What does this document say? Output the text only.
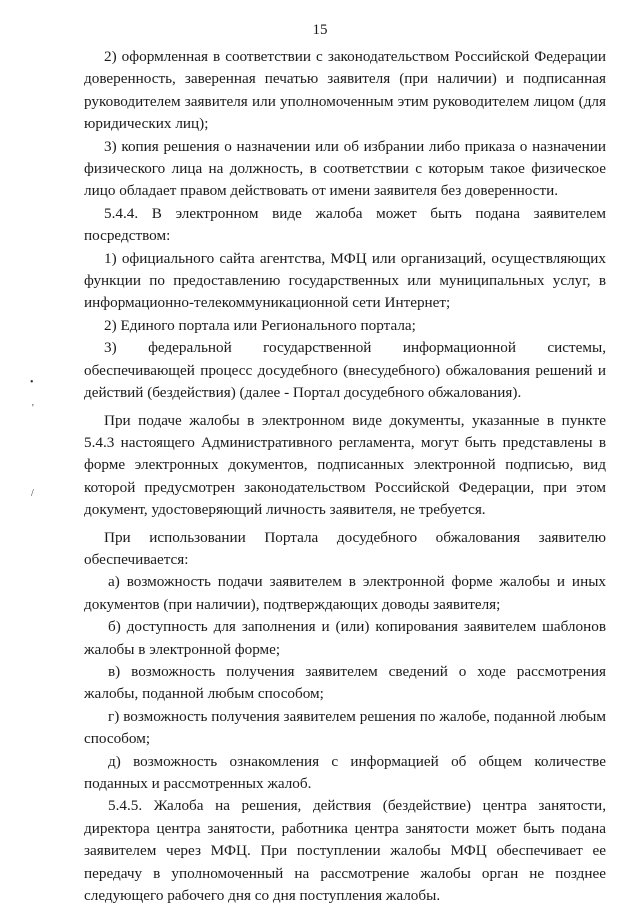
15
•
'
/

2) оформленная в соответствии с законодательством Российской Федерации доверенность, заверенная печатью заявителя (при наличии) и подписанная руководителем заявителя или уполномоченным этим руководителем лицом (для юридических лиц);

3) копия решения о назначении или об избрании либо приказа о назначении физического лица на должность, в соответствии с которым такое физическое лицо обладает правом действовать от имени заявителя без доверенности.

5.4.4. В электронном виде жалоба может быть подана заявителем посредством:

1) официального сайта агентства, МФЦ или организаций, осуществляющих функции по предоставлению государственных или муниципальных услуг, в информационно-телекоммуникационной сети Интернет;

2) Единого портала или Регионального портала;

3) федеральной государственной информационной системы, обеспечивающей процесс досудебного (внесудебного) обжалования решений и действий (бездействия) (далее - Портал досудебного обжалования).

При подаче жалобы в электронном виде документы, указанные в пункте 5.4.3 настоящего Административного регламента, могут быть представлены в форме электронных документов, подписанных электронной подписью, вид которой предусмотрен законодательством Российской Федерации, при этом документ, удостоверяющий личность заявителя, не требуется.

При использовании Портала досудебного обжалования заявителю обеспечивается:

а) возможность подачи заявителем в электронной форме жалобы и иных документов (при наличии), подтверждающих доводы заявителя;

б) доступность для заполнения и (или) копирования заявителем шаблонов жалобы в электронной форме;

в) возможность получения заявителем сведений о ходе рассмотрения жалобы, поданной любым способом;

г) возможность получения заявителем решения по жалобе, поданной любым способом;

д) возможность ознакомления с информацией об общем количестве поданных и рассмотренных жалоб.

5.4.5. Жалоба на решения, действия (бездействие) центра занятости, директора центра занятости, работника центра занятости может быть подана заявителем через МФЦ. При поступлении жалобы МФЦ обеспечивает ее передачу в уполномоченный на рассмотрение жалобы орган не позднее следующего рабочего дня со дня поступления жалобы.
